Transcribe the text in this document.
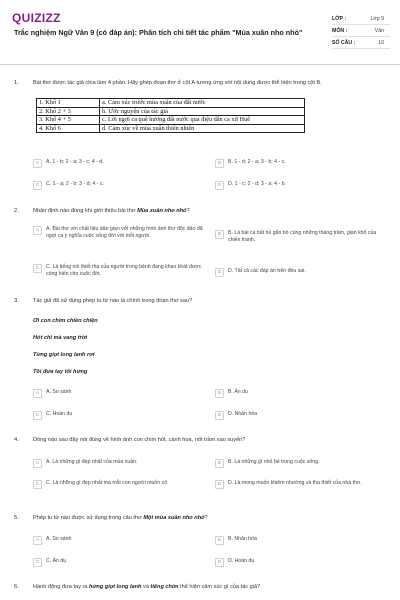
QUIZIZZ
Trắc nghiệm Ngữ Văn 9 (có đáp án): Phân tích chi tiết tác phẩm "Mùa xuân nho nhỏ"
LỚP :	Lớp 9
MÔN :	Văn
SỐ CÂU :	10
1.	Bài thơ được tác giả chia làm 4 phần. Hãy ghép đoạn thơ ở cột A tương ứng với nội dung được thể hiện trong cột B.
1. Khổ 1	a. Cảm xúc trước mùa xuân của đất nước
2. Khổ 2 + 3	b. Ước nguyện của tác giả
3. Khổ 4 + 5	c. Lời ngợi ca quê hương đất nước qua điệu dân ca xứ Huế
4. Khổ 6	d. Cảm xúc về mùa xuân thiên nhiên
A	A. 1 - b; 2 - a; 3 - c; 4 - d.	B	B. 1 - d; 2 - a; 3 - b; 4 - c.
C	C. 1 - a; 2 - b; 3 - d; 4 - c.	D	D. 1 - c; 2 - d; 3 - a; 4 - b.
2.	Nhận định nào đúng khi giới thiệu bài thơ Mùa xuân nho nhỏ?
A	A. Bài thơ với chất liệu dân gian với những hình ảnh thơ độc đáo đã ngợi ca ý nghĩa cuộc sống đời với mỗi người.	B	B. Là bài ca bất hủ gắn bó cùng những tháng trăm, gian khổ của chiến tranh.
C	C. Là tiếng nói thiết tha của người trong bệnh đang khao khát được cống hiến cho cuộc đời.	D	D. Tất cả các đáp án trên đều sai.
3.	Tác giả đã sử dụng phép tu từ nào là chính trong đoạn thơ sau?
Ơi con chim chiền chiện
Hót chi mà vang trời
Từng giọt long lanh rơi
Tôi đưa tay tôi hứng
A	A. So sánh	B	B. Ẩn dụ
C	C. Hoán dụ	D	D. Nhân hóa
4.	Dòng nào sau đây nói đúng về hình ảnh con chim hót, cành hoa, nốt trầm xao xuyến?
A	A. Là những gì đẹp nhất của mùa xuân.	B	B. Là những gì nhỏ bé trong cuộc sống.
C	C. Là những gì đẹp nhất mà mỗi con người muốn có.	D	D. Là mong muốn khiêm nhường và tha thiết của nhà thơ.
5.	Phép tu từ nào được sử dụng trong câu thơ Một mùa xuân nho nhỏ?
A	A. So sánh	B	B. Nhân hóa
C	C. Ẩn dụ	D	D. Hoán dụ
6.	Hành động đưa tay ra hứng giọt long lanh và tiếng chim thể hiện cảm xúc gì của tác giả?
